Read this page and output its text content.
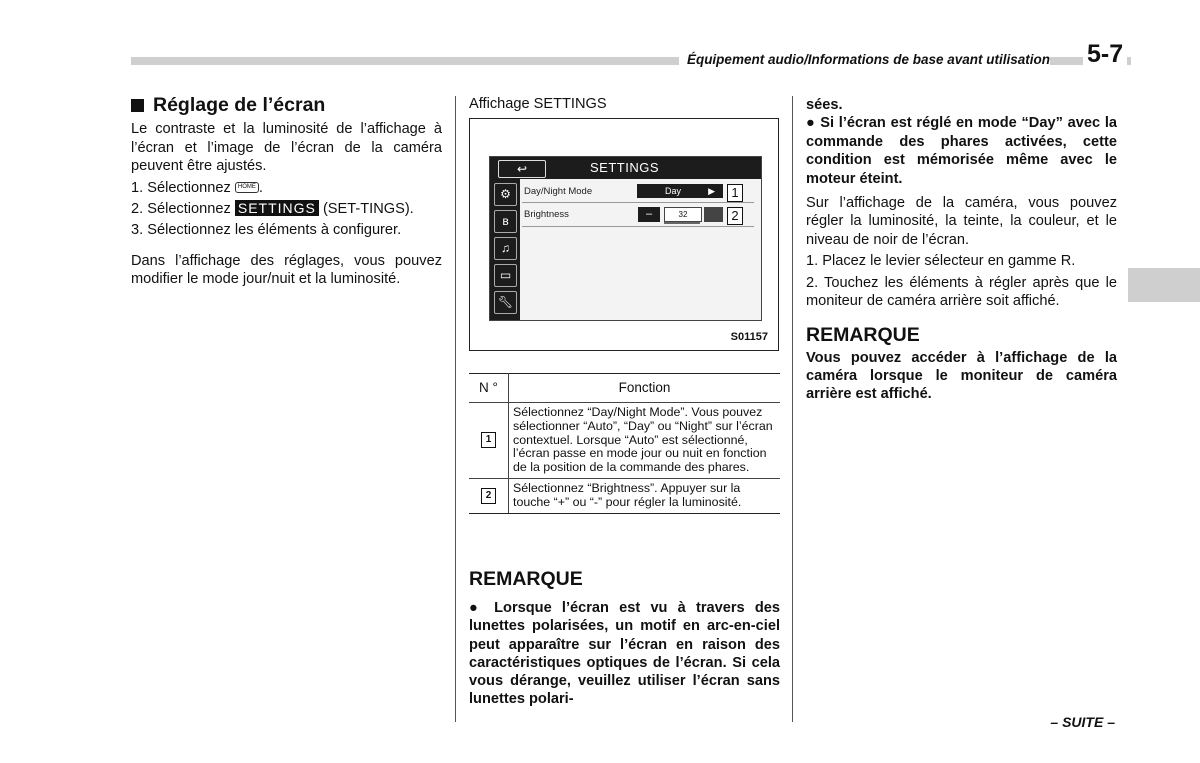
Équipement audio/Informations de base avant utilisation 5-7
Réglage de l’écran

Le contraste et la luminosité de l’affichage à l’écran et l’image de l’écran de la caméra peuvent être ajustés.

1. Sélectionnez HOME .

2. Sélectionnez SETTINGS (SET-TINGS).

3. Sélectionnez les éléments à configurer.

Dans l’affichage des réglages, vous pouvez modifier le mode jour/nuit et la luminosité.

Affichage SETTINGS
↩	SETTINGS
⚙
ʙ
♫
▭
🔧︎
Day/Night Mode	Day	▶
Brightness	–	32
1
2
S01157
N °	Fonction
1	Sélectionnez “Day/Night Mode”. Vous pouvez sélectionner “Auto”, “Day” ou “Night” sur l’écran contextuel. Lorsque “Auto” est sélectionné, l’écran passe en mode jour ou nuit en fonction de la position de la commande des phares.
2	Sélectionnez “Brightness”. Appuyer sur la touche “+” ou “-” pour régler la luminosité.
REMARQUE

● Lorsque l’écran est vu à travers des lunettes polarisées, un motif en arc-en-ciel peut apparaître sur l’écran en raison des caractéristiques optiques de l’écran. Si cela vous dérange, veuillez utiliser l’écran sans lunettes polari-

sées.

● Si l’écran est réglé en mode “Day” avec la commande des phares activées, cette condition est mémorisée même avec le moteur éteint.

Sur l’affichage de la caméra, vous pouvez régler la luminosité, la teinte, la couleur, et le niveau de noir de l’écran.

1. Placez le levier sélecteur en gamme R.

2. Touchez les éléments à régler après que le moniteur de caméra arrière soit affiché.

REMARQUE

Vous pouvez accéder à l’affichage de la caméra lorsque le moniteur de caméra arrière est affiché.

– SUITE –
